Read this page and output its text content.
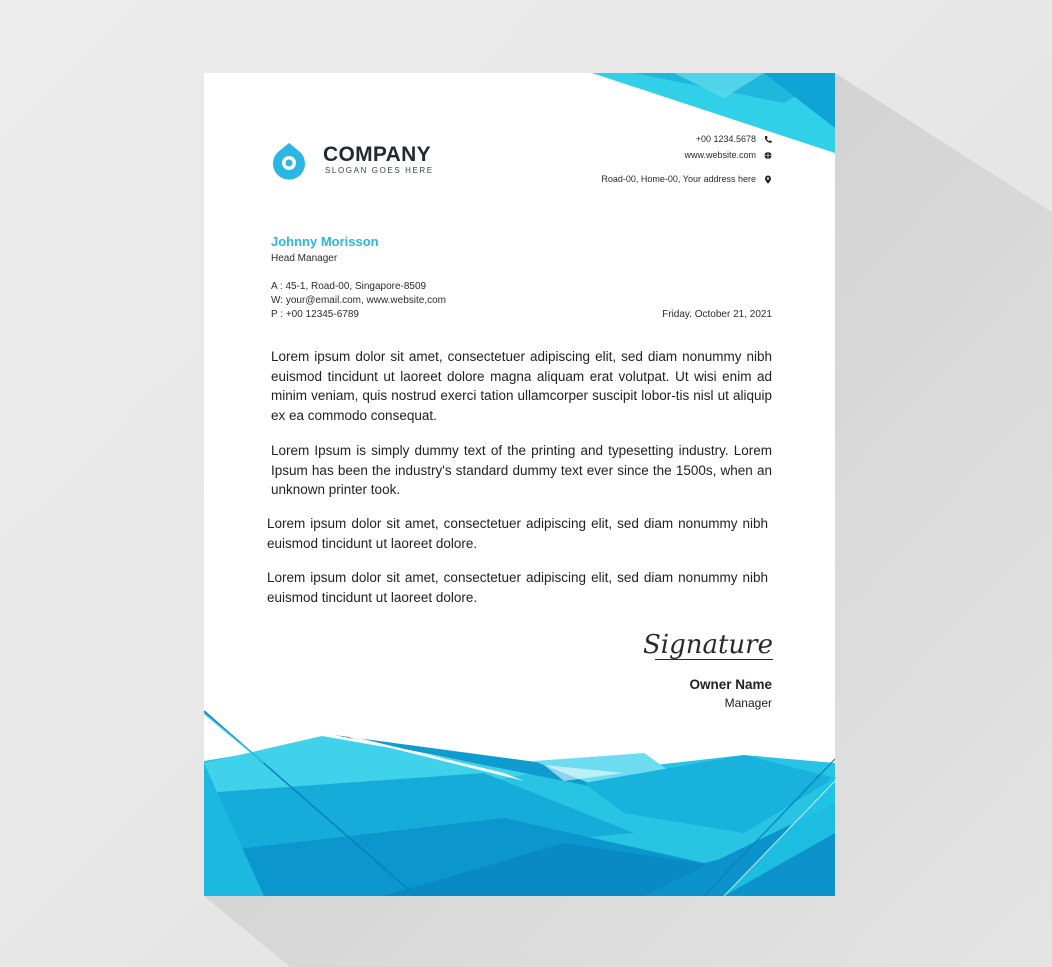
COMPANY
SLOGAN GOES HERE
+00 1234.5678
www.website.com
Road-00, Home-00, Your address here
Johnny Morisson
Head Manager
A : 45-1, Road-00, Singapore-8509
W: your@email.com, www.website,com
P : +00 12345-6789	Friday. October 21, 2021

Lorem ipsum dolor sit amet, consectetuer adipiscing elit, sed diam nonummy nibh euismod tincidunt ut laoreet dolore magna aliquam erat volutpat. Ut wisi enim ad minim veniam, quis nostrud exerci tation ullamcorper suscipit lobor-tis nisl ut aliquip ex ea commodo consequat.

Lorem Ipsum is simply dummy text of the printing and typesetting industry. Lorem Ipsum has been the industry's standard dummy text ever since the 1500s, when an unknown printer took.

Lorem ipsum dolor sit amet, consectetuer adipiscing elit, sed diam nonummy nibh euismod tincidunt ut laoreet dolore.

Lorem ipsum dolor sit amet, consectetuer adipiscing elit, sed diam nonummy nibh euismod tincidunt ut laoreet dolore.

Signature
Owner Name
Manager
